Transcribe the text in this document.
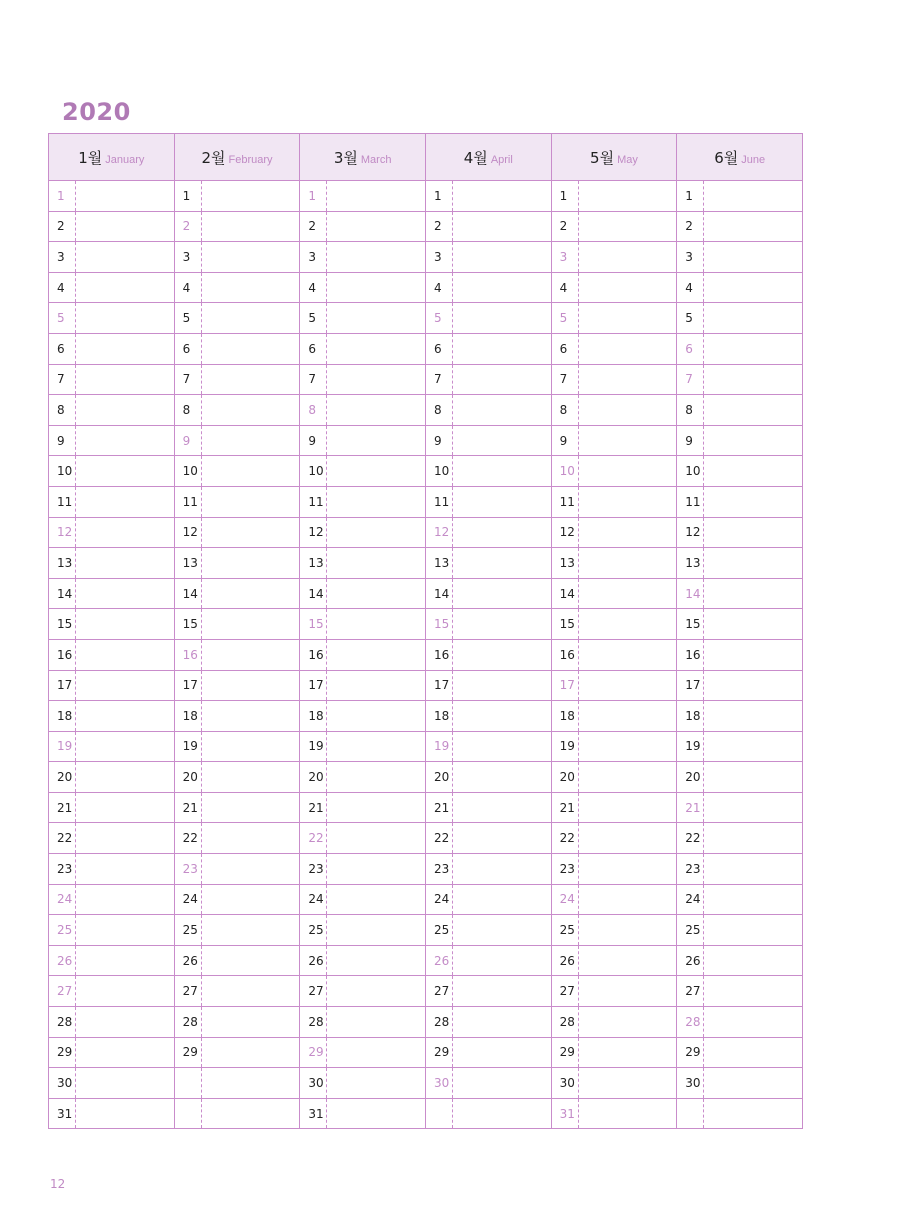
2020
1월 January	2월 February	3월 March	4월 April	5월 May	6월 June

1	1	1	1	1	1

2	2	2	2	2	2

3	3	3	3	3	3

4	4	4	4	4	4

5	5	5	5	5	5

6	6	6	6	6	6

7	7	7	7	7	7

8	8	8	8	8	8

9	9	9	9	9	9

10	10	10	10	10	10

11	11	11	11	11	11

12	12	12	12	12	12

13	13	13	13	13	13

14	14	14	14	14	14

15	15	15	15	15	15

16	16	16	16	16	16

17	17	17	17	17	17

18	18	18	18	18	18

19	19	19	19	19	19

20	20	20	20	20	20

21	21	21	21	21	21

22	22	22	22	22	22

23	23	23	23	23	23

24	24	24	24	24	24

25	25	25	25	25	25

26	26	26	26	26	26

27	27	27	27	27	27

28	28	28	28	28	28

29	29	29	29	29	29

30		30	30	30	30

31		31		31	

12
